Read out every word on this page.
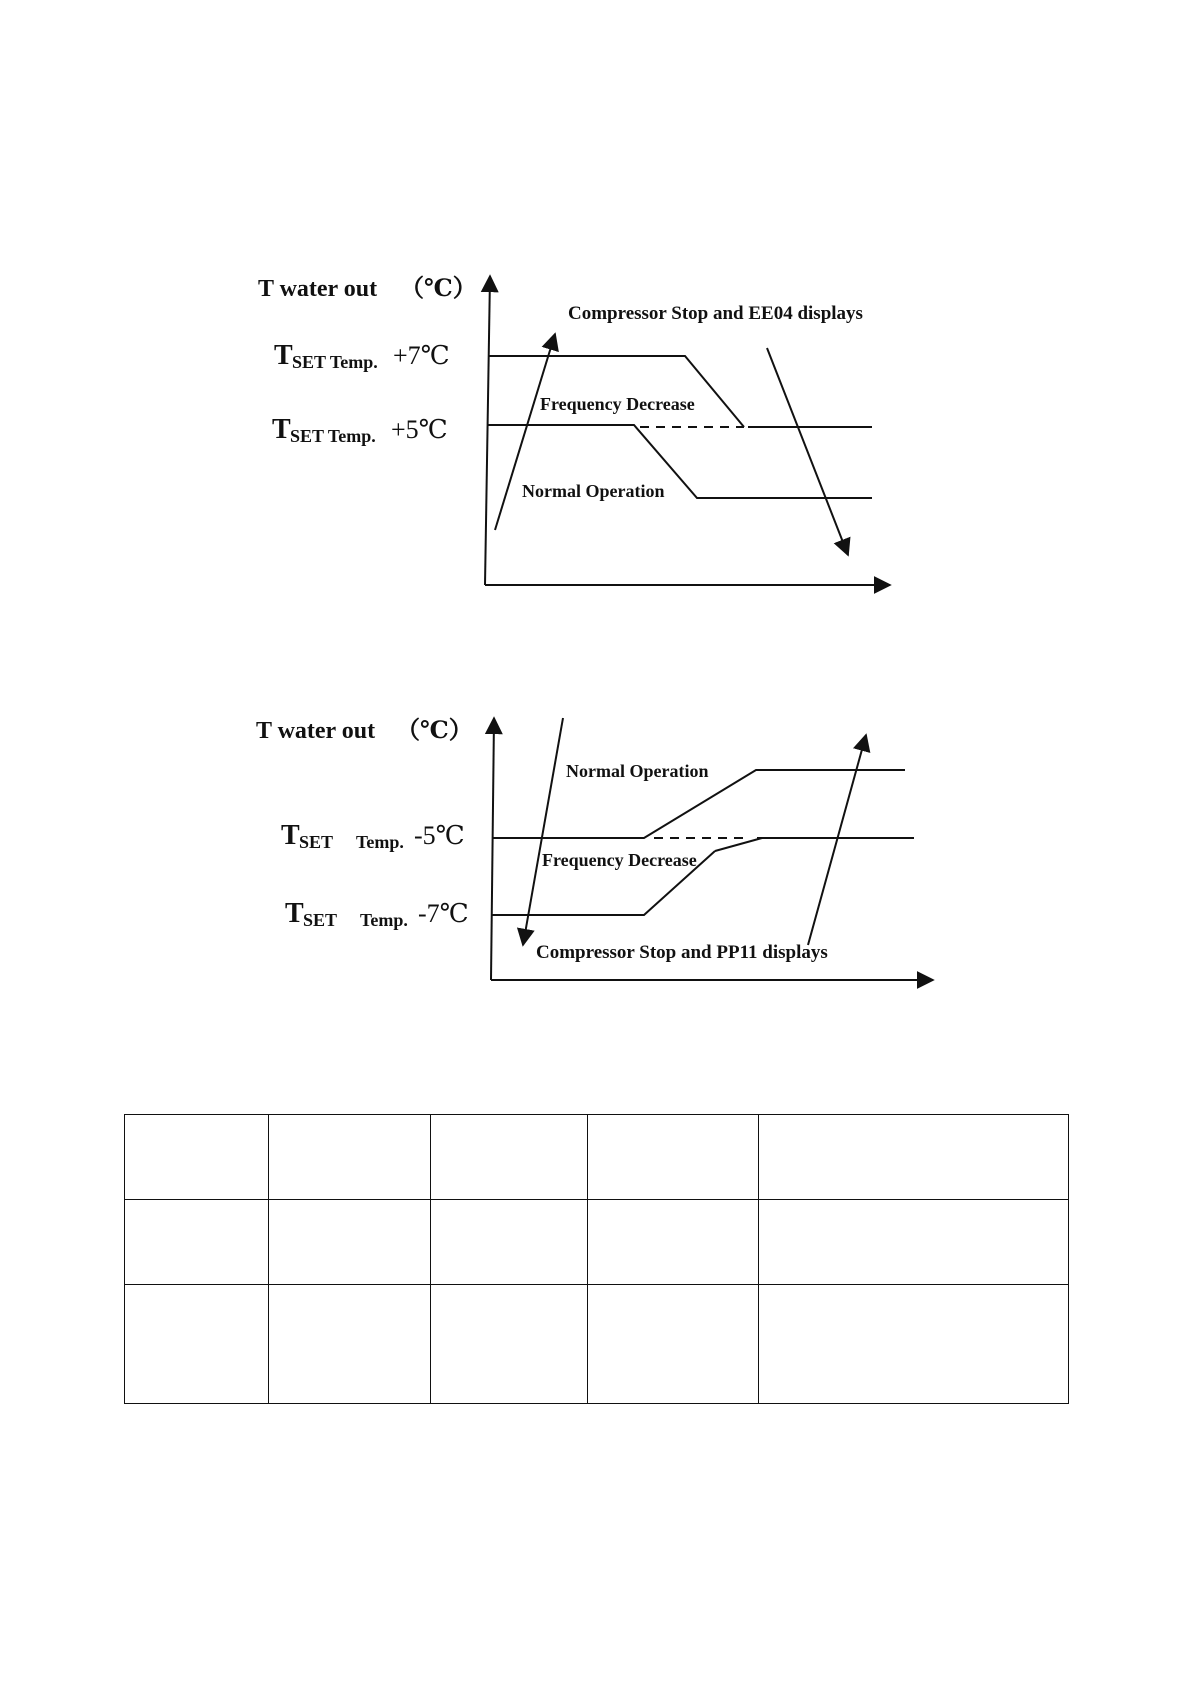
T water out （℃）
T SET Temp. +7℃
T SET Temp. +5℃
Compressor Stop and EE04 displays
Frequency Decrease
Normal Operation
T water out （℃）
T SET Temp. -5℃
T SET Temp. -7℃
Normal Operation
Frequency Decrease
Compressor Stop and PP11 displays
